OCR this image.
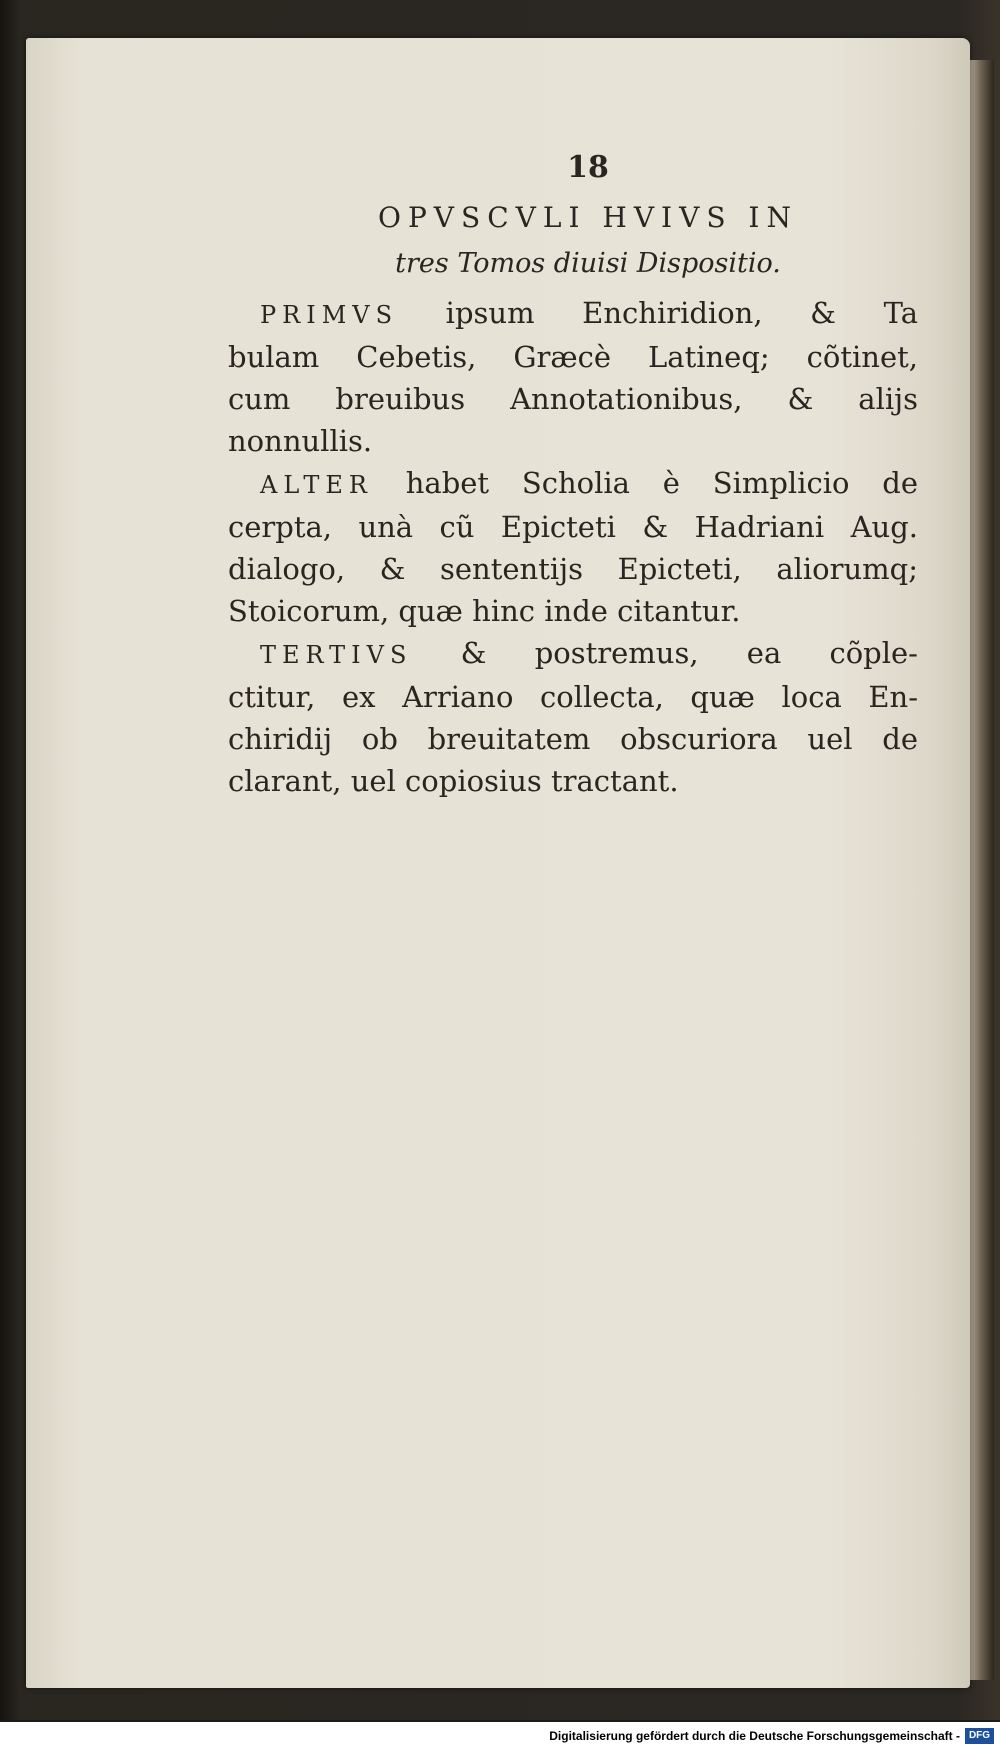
18
OPVSCVLI HVIVS IN
tres Tomos diuisi Dispositio.
PRIMVS ipsum Enchiridion, & Ta
bulam Cebetis, Græcè Latineq; cõtinet,
cum breuibus Annotationibus, & alijs
nonnullis.
ALTER habet Scholia è Simplicio de
cerpta, unà cũ Epicteti & Hadriani Aug.
dialogo, & sententijs Epicteti, aliorumq;
Stoicorum, quæ hinc inde citantur.
TERTIVS & postremus, ea cõple-
ctitur, ex Arriano collecta, quæ loca En-
chiridij ob breuitatem obscuriora uel de
clarant, uel copiosius tractant.
Digitalisierung gefördert durch die Deutsche Forschungsgemeinschaft - DFG
